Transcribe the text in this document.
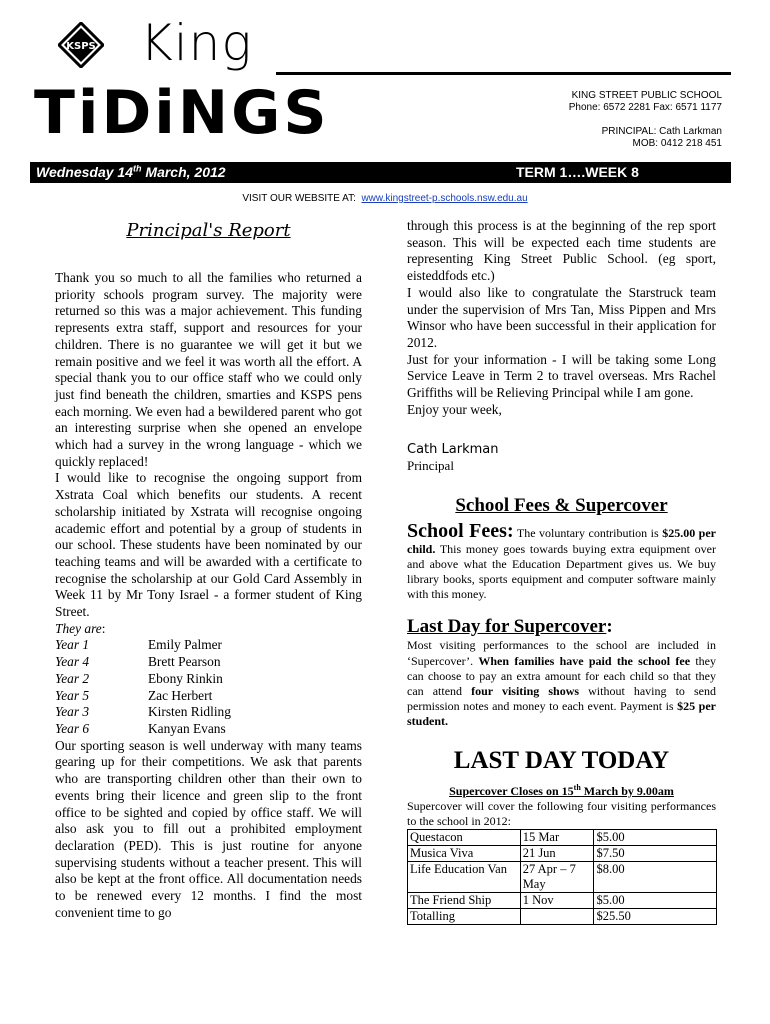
KSPS King
TiDiNGS	KING STREET PUBLIC SCHOOL
Phone: 6572 2281 Fax: 6571 1177
PRINCIPAL: Cath Larkman
MOB: 0412 218 451
Wednesday 14th March, 2012	TERM 1….WEEK 8
VISIT OUR WEBSITE AT: www.kingstreet-p.schools.nsw.edu.au
Principal's Report

Thank you so much to all the families who returned a priority schools program survey. The majority were returned so this was a major achievement. This funding represents extra staff, support and resources for your children. There is no guarantee we will get it but we remain positive and we feel it was worth all the effort. A special thank you to our office staff who we could only just find beneath the children, smarties and KSPS pens each morning. We even had a bewildered parent who got an interesting surprise when she opened an envelope which had a survey in the wrong language - which we quickly replaced!

I would like to recognise the ongoing support from Xstrata Coal which benefits our students. A recent scholarship initiated by Xstrata will recognise ongoing academic effort and potential by a group of students in our school. These students have been nominated by our teaching teams and will be awarded with a certificate to recognise the scholarship at our Gold Card Assembly in Week 11 by Mr Tony Israel - a former student of King Street.

They are:

Year 1	Emily Palmer
Year 4	Brett Pearson
Year 2	Ebony Rinkin
Year 5	Zac Herbert
Year 3	Kirsten Ridling
Year 6	Kanyan Evans

Our sporting season is well underway with many teams gearing up for their competitions. We ask that parents who are transporting children other than their own to events bring their licence and green slip to the front office to be sighted and copied by office staff. We will also ask you to fill out a prohibited employment declaration (PED). This is just routine for anyone supervising students without a teacher present. This will also be kept at the front office. All documentation needs to be renewed every 12 months. I find the most convenient time to go

through this process is at the beginning of the rep sport season. This will be expected each time students are representing King Street Public School. (eg sport, eisteddfods etc.)

I would also like to congratulate the Starstruck team under the supervision of Mrs Tan, Miss Pippen and Mrs Winsor who have been successful in their application for 2012.

Just for your information - I will be taking some Long Service Leave in Term 2 to travel overseas. Mrs Rachel Griffiths will be Relieving Principal while I am gone.

Enjoy your week,

Cath Larkman
Principal
School Fees & Supercover
School Fees: The voluntary contribution is $25.00 per child. This money goes towards buying extra equipment over and above what the Education Department gives us. We buy library books, sports equipment and computer software mainly with this money.
Last Day for Supercover:
Most visiting performances to the school are included in ‘Supercover’. When families have paid the school fee they can choose to pay an extra amount for each child so that they can attend four visiting shows without having to send permission notes and money to each event. Payment is $25 per student.
LAST DAY TODAY
Supercover Closes on 15th March by 9.00am
Supercover will cover the following four visiting performances to the school in 2012:
Questacon	15 Mar	$5.00
Musica Viva	21 Jun	$7.50
Life Education Van	27 Apr – 7 May	$8.00
The Friend Ship	1 Nov	$5.00
Totalling		$25.50
